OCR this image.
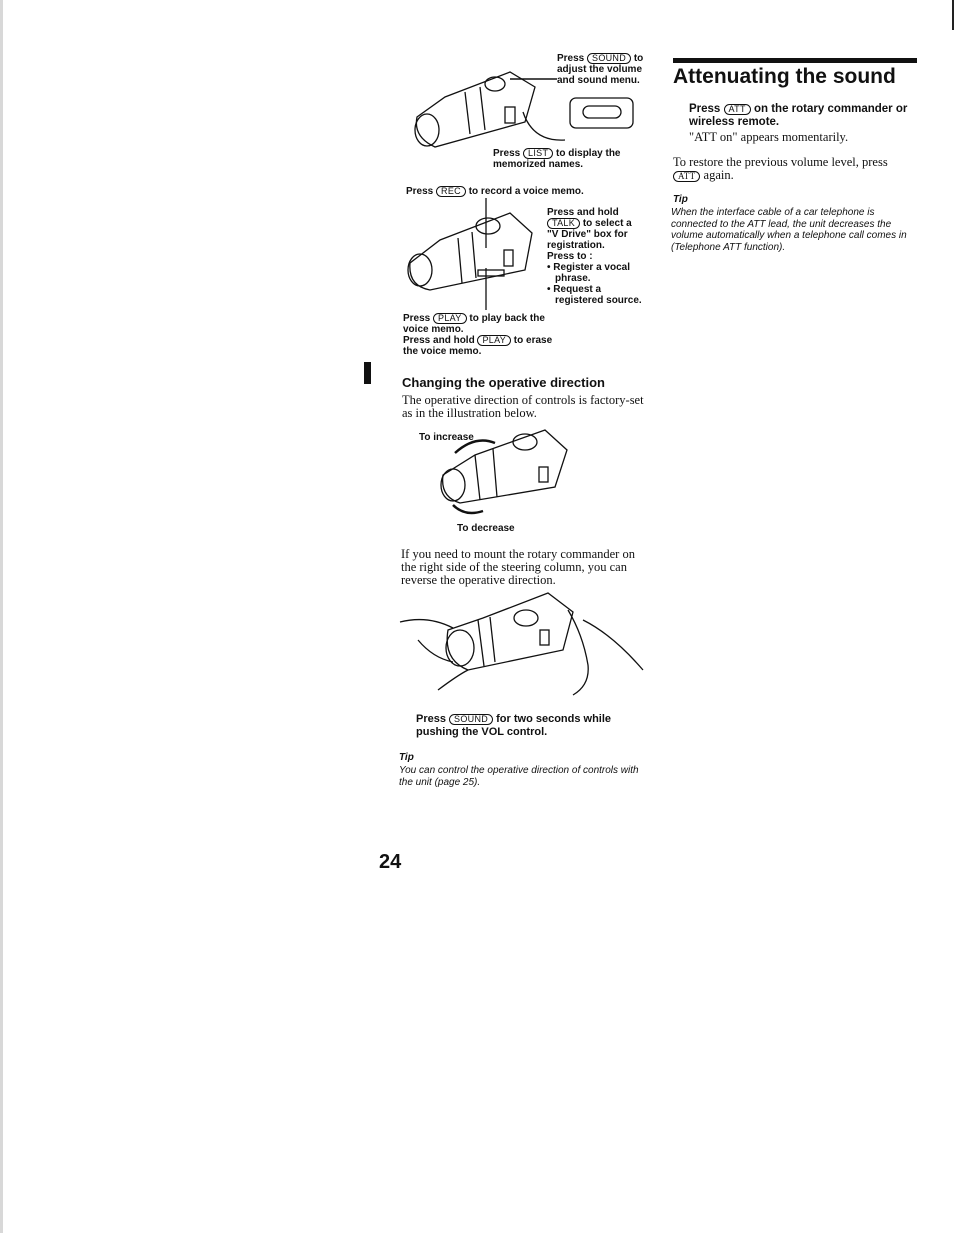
Press SOUND to
adjust the volume
and sound menu.
Press LIST to display the
memorized names.
Press REC to record a voice memo.
Press and hold
TALK to select a
"V Drive" box for
registration.
Press to :
• Register a vocal
phrase.
• Request a
registered source.
Press PLAY to play back the
voice memo.
Press and hold PLAY to erase
the voice memo.
Changing the operative direction
The operative direction of controls is factory-set as in the illustration below.
To increase
To decrease
If you need to mount the rotary commander on the right side of the steering column, you can reverse the operative direction.
Press SOUND for two seconds while
pushing the VOL control.
Tip
You can control the operative direction of controls with the unit (page 25).
Attenuating the sound
Press ATT on the rotary commander or
wireless remote.
"ATT on" appears momentarily.
To restore the previous volume level, press
ATT again.
Tip
When the interface cable of a car telephone is connected to the ATT lead, the unit decreases the volume automatically when a telephone call comes in (Telephone ATT function).
24
